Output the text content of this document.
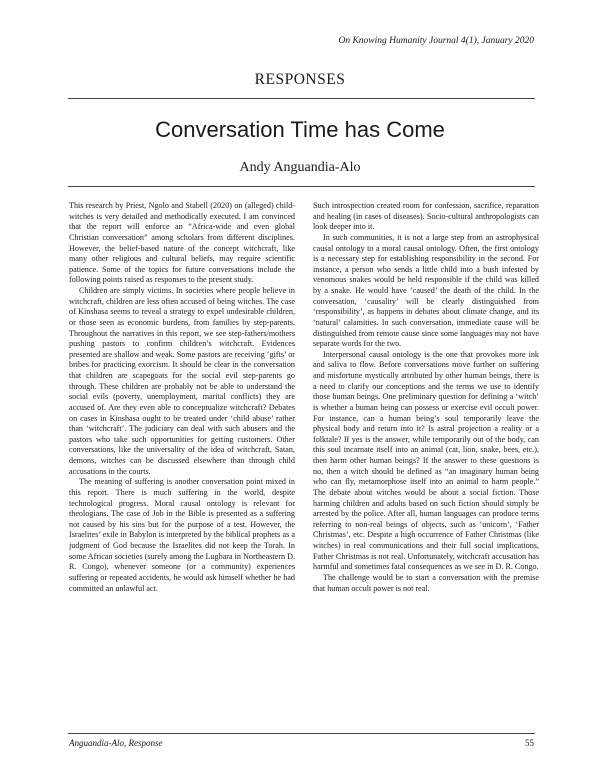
On Knowing Humanity Journal 4(1), January 2020
RESPONSES
Conversation Time has Come
Andy Anguandia-Alo

This research by Priest, Ngolo and Stabell (2020) on (alleged) child-witches is very detailed and methodically executed. I am convinced that the report will enforce an “Africa-wide and even global Christian conversation” among scholars from different disciplines. However, the belief-based nature of the concept witchcraft, like many other religious and cultural beliefs, may require scientific patience. Some of the topics for future conversations include the following points raised as responses to the present study.

Children are simply victims. In societies where people believe in witchcraft, children are less often accused of being witches. The case of Kinshasa seems to reveal a strategy to expel undesirable children, or those seen as economic burdens, from families by step-parents. Throughout the narratives in this report, we see step-fathers/mothers pushing pastors to confirm children’s witchcraft. Evidences presented are shallow and weak. Some pastors are receiving ‘gifts’ or bribes for practicing exorcism. It should be clear in the conversation that children are scapegoats for the social evil step-parents go through. These children are probably not be able to understand the social evils (poverty, unemployment, marital conflicts) they are accused of. Are they even able to conceptualize witchcraft? Debates on cases in Kinshasa ought to be treated under ‘child abuse’ rather than ‘witchcraft’. The judiciary can deal with such abusers and the pastors who take such opportunities for getting customers. Other conversations, like the universality of the idea of witchcraft, Satan, demons, witches can be discussed elsewhere than through child accusations in the courts.

The meaning of suffering is another conversation point mixed in this report. There is much suffering in the world, despite technological progress. Moral causal ontology is relevant for theologians. The case of Job in the Bible is presented as a suffering not caused by his sins but for the purpose of a test. However, the Israelites’ exile in Babylon is interpreted by the biblical prophets as a judgment of God because the Israelites did not keep the Torah. In some African societies (surely among the Lugbara in Northeastern D. R. Congo), whenever someone (or a community) experiences suffering or repeated accidents, he would ask himself whether he had committed an unlawful act.

Such introspection created room for confession, sacrifice, reparation and healing (in cases of diseases). Socio-cultural anthropologists can look deeper into it.

In such communities, it is not a large step from an astrophysical causal ontology to a moral causal ontology. Often, the first ontology is a necessary step for establishing responsibility in the second. For instance, a person who sends a little child into a bush infested by venomous snakes would be held responsible if the child was killed by a snake. He would have ‘caused’ the death of the child. In the conversation, ‘causality’ will be clearly distinguished from ‘responsibility’, as happens in debates about climate change, and its ‘natural’ calamities. In such conversation, immediate cause will be distinguished from remote cause since some languages may not have separate words for the two.

Interpersonal causal ontology is the one that provokes more ink and saliva to flow. Before conversations move further on suffering and misfortune mystically attributed by other human beings, there is a need to clarify our conceptions and the terms we use to identify those human beings. One preliminary question for defining a ‘witch’ is whether a human being can possess or exercise evil occult power. For instance, can a human being’s soul temporarily leave the physical body and return into it? Is astral projection a reality or a folktale? If yes is the answer, while temporarily out of the body, can this soul incarnate itself into an animal (cat, lion, snake, bees, etc.), then harm other human beings? If the answer to these questions is no, then a witch should be defined as “an imaginary human being who can fly, metamorphose itself into an animal to harm people.” The debate about witches would be about a social fiction. Those harming children and adults based on such fiction should simply be arrested by the police. After all, human languages can produce terms referring to non-real beings of objects, such as ‘unicorn’, ‘Father Christmas’, etc. Despite a high occurrence of Father Christmas (like witches) in real communications and their full social implications, Father Christmas is not real. Unfortunately, witchcraft accusation has harmful and sometimes fatal consequences as we see in D. R. Congo.

The challenge would be to start a conversation with the premise that human occult power is not real.

Anguandia-Alo, Response	55
